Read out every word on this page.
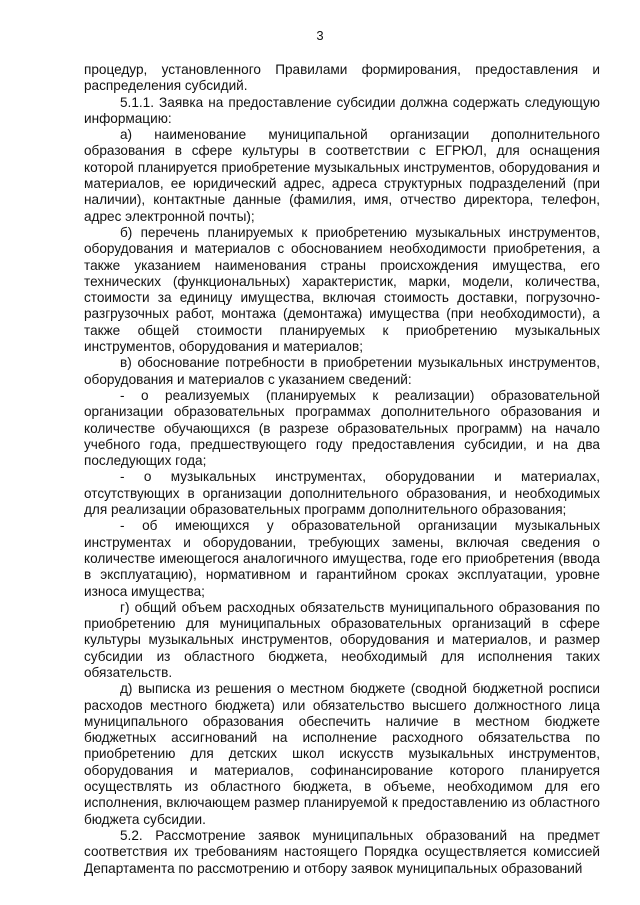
3

процедур, установленного Правилами формирования, предоставления и распределения субсидий.

5.1.1. Заявка на предоставление субсидии должна содержать следующую информацию:

а) наименование муниципальной организации дополнительного образования в сфере культуры в соответствии с ЕГРЮЛ, для оснащения которой планируется приобретение музыкальных инструментов, оборудования и материалов, ее юридический адрес, адреса структурных подразделений (при наличии), контактные данные (фамилия, имя, отчество директора, телефон, адрес электронной почты);

б) перечень планируемых к приобретению музыкальных инструментов, оборудования и материалов с обоснованием необходимости приобретения, а также указанием наименования страны происхождения имущества, его технических (функциональных) характеристик, марки, модели, количества, стоимости за единицу имущества, включая стоимость доставки, погрузочно-разгрузочных работ, монтажа (демонтажа) имущества (при необходимости), а также общей стоимости планируемых к приобретению музыкальных инструментов, оборудования и материалов;

в) обоснование потребности в приобретении музыкальных инструментов, оборудования и материалов с указанием сведений:

- о реализуемых (планируемых к реализации) образовательной организации образовательных программах дополнительного образования и количестве обучающихся (в разрезе образовательных программ) на начало учебного года, предшествующего году предоставления субсидии, и на два последующих года;

- о музыкальных инструментах, оборудовании и материалах, отсутствующих в организации дополнительного образования, и необходимых для реализации образовательных программ дополнительного образования;

- об имеющихся у образовательной организации музыкальных инструментах и оборудовании, требующих замены, включая сведения о количестве имеющегося аналогичного имущества, годе его приобретения (ввода в эксплуатацию), нормативном и гарантийном сроках эксплуатации, уровне износа имущества;

г) общий объем расходных обязательств муниципального образования по приобретению для муниципальных образовательных организаций в сфере культуры музыкальных инструментов, оборудования и материалов, и размер субсидии из областного бюджета, необходимый для исполнения таких обязательств.

д) выписка из решения о местном бюджете (сводной бюджетной росписи расходов местного бюджета) или обязательство высшего должностного лица муниципального образования обеспечить наличие в местном бюджете бюджетных ассигнований на исполнение расходного обязательства по приобретению для детских школ искусств музыкальных инструментов, оборудования и материалов, софинансирование которого планируется осуществлять из областного бюджета, в объеме, необходимом для его исполнения, включающем размер планируемой к предоставлению из областного бюджета субсидии.

5.2. Рассмотрение заявок муниципальных образований на предмет соответствия их требованиям настоящего Порядка осуществляется комиссией Департамента по рассмотрению и отбору заявок муниципальных образований
